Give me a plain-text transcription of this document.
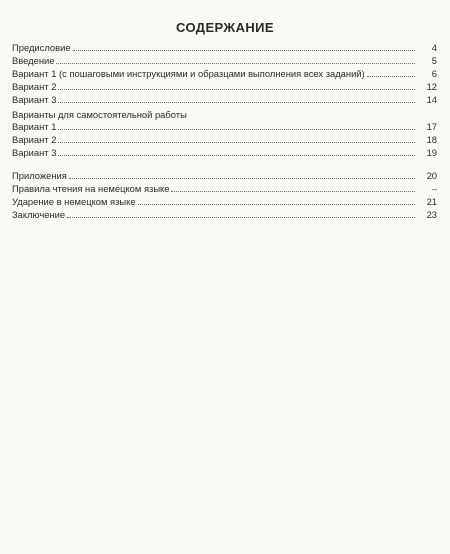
СОДЕРЖАНИЕ
Предисловие	4
Введение	5
Вариант 1 (с пошаговыми инструкциями и образцами выполнения всех заданий)	6
Вариант 2	12
Вариант 3	14
Варианты для самостоятельной работы
Вариант 1	17
Вариант 2	18
Вариант 3	19
Приложения	20
Правила чтения на немецком языке	–
Ударение в немецком языке	21
Заключение	23
